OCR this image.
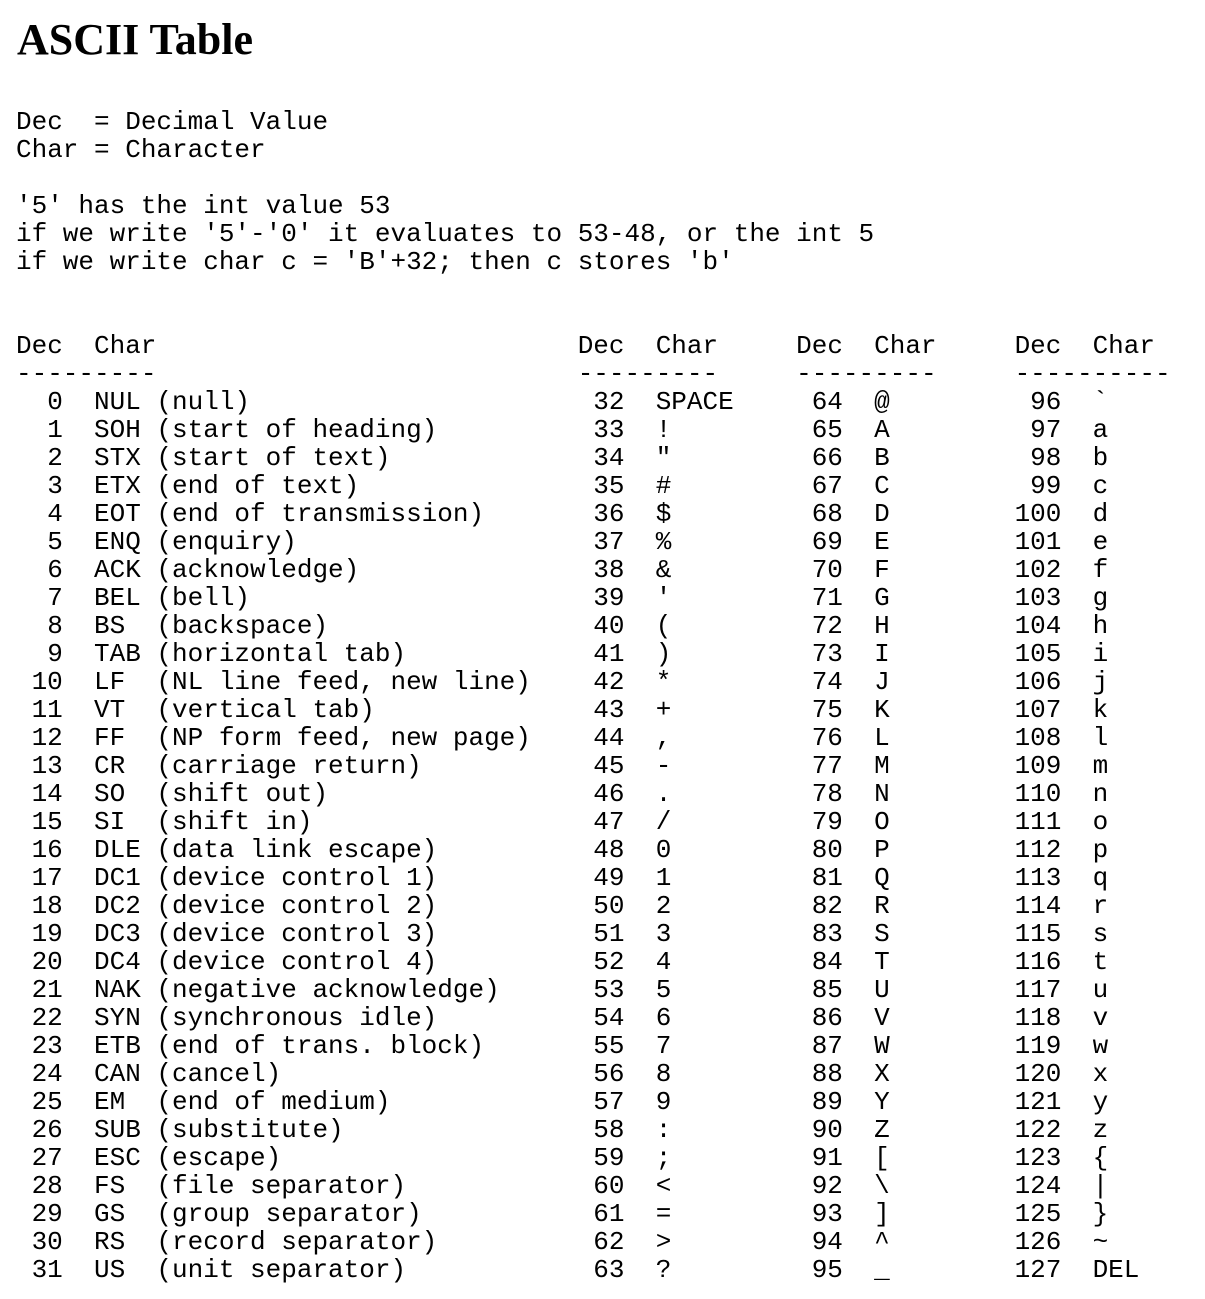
ASCII Table
Dec  = Decimal Value
Char = Character
'5' has the int value 53
if we write '5'-'0' it evaluates to 53-48, or the int 5
if we write char c = 'B'+32; then c stores 'b'
Dec Char
---------
Dec Char
---------
Dec Char
---------
Dec Char
----------
0 NUL (null)
1 SOH (start of heading)
2 STX (start of text)
3 ETX (end of text)
4 EOT (end of transmission)
5 ENQ (enquiry)
6 ACK (acknowledge)
7 BEL (bell)
8 BS (backspace)
9 TAB (horizontal tab)
10 LF (NL line feed, new line)
11 VT (vertical tab)
12 FF (NP form feed, new page)
13 CR (carriage return)
14 SO (shift out)
15 SI (shift in)
16 DLE (data link escape)
17 DC1 (device control 1)
18 DC2 (device control 2)
19 DC3 (device control 3)
20 DC4 (device control 4)
21 NAK (negative acknowledge)
22 SYN (synchronous idle)
23 ETB (end of trans. block)
24 CAN (cancel)
25 EM (end of medium)
26 SUB (substitute)
27 ESC (escape)
28 FS (file separator)
29 GS (group separator)
30 RS (record separator)
31 US (unit separator)
32 SPACE
33 !
34 "
35 #
36 $
37 %
38 &
39 '
40 (
41 )
42 *
43 +
44 ,
45 -
46 .
47 /
48 0
49 1
50 2
51 3
52 4
53 5
54 6
55 7
56 8
57 9
58 :
59 ;
60 <
61 =
62 >
63 ?
64 @
65 A
66 B
67 C
68 D
69 E
70 F
71 G
72 H
73 I
74 J
75 K
76 L
77 M
78 N
79 O
80 P
81 Q
82 R
83 S
84 T
85 U
86 V
87 W
88 X
89 Y
90 Z
91 [
92 \
93 ]
94 ^
95 _
96 `
97 a
98 b
99 c
100 d
101 e
102 f
103 g
104 h
105 i
106 j
107 k
108 l
109 m
110 n
111 o
112 p
113 q
114 r
115 s
116 t
117 u
118 v
119 w
120 x
121 y
122 z
123 {
124 |
125 }
126 ~
127 DEL
